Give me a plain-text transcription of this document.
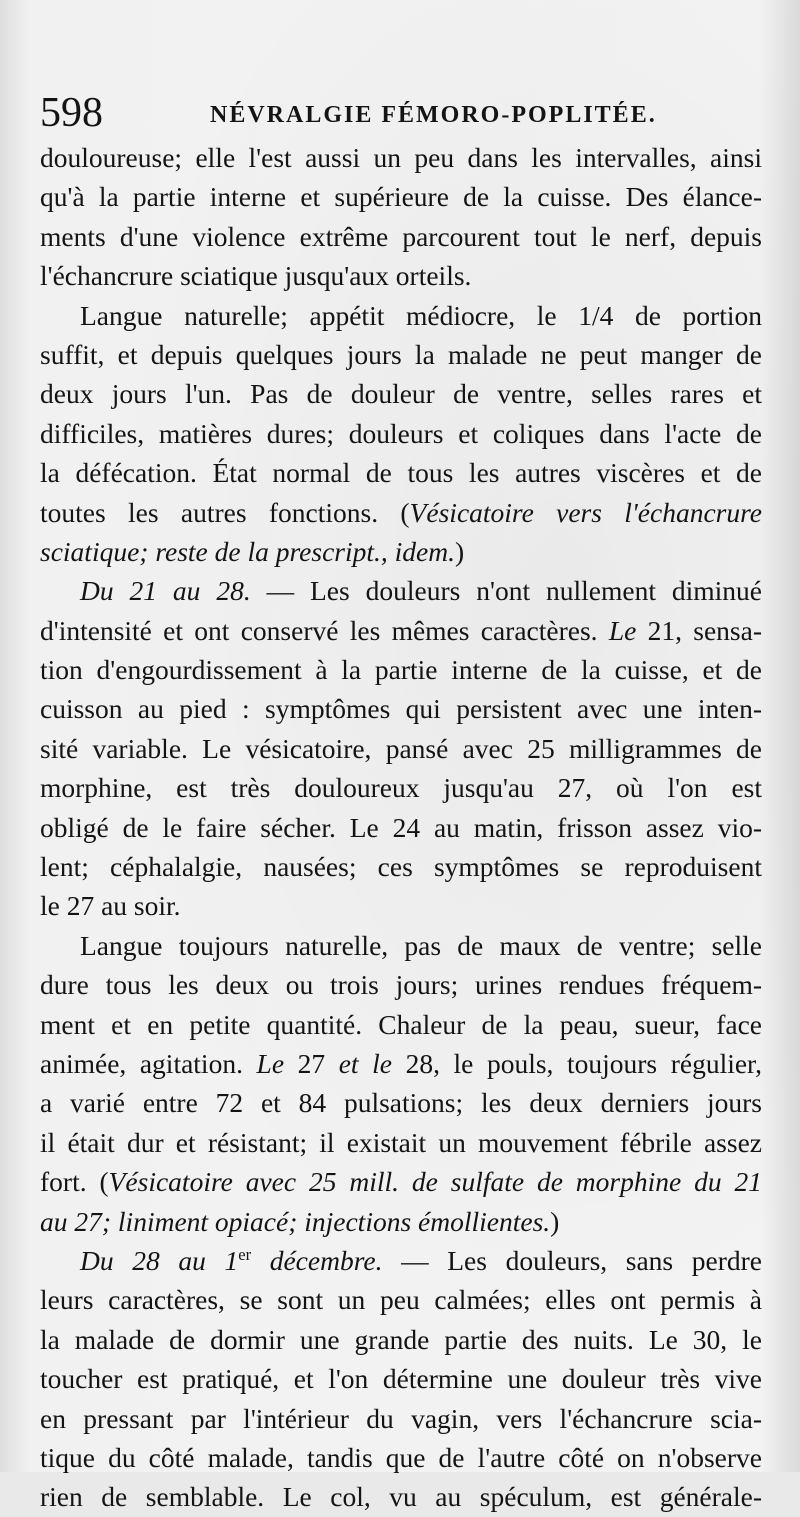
598	NÉVRALGIE FÉMORO-POPLITÉE.
douloureuse; elle l'est aussi un peu dans les intervalles, ainsi
qu'à la partie interne et supérieure de la cuisse. Des élance-
ments d'une violence extrême parcourent tout le nerf, depuis
l'échancrure sciatique jusqu'aux orteils.
Langue naturelle; appétit médiocre, le 1/4 de portion
suffit, et depuis quelques jours la malade ne peut manger de
deux jours l'un. Pas de douleur de ventre, selles rares et
difficiles, matières dures; douleurs et coliques dans l'acte de
la défécation. État normal de tous les autres viscères et de
toutes les autres fonctions. (Vésicatoire vers l'échancrure
sciatique; reste de la prescript., idem.)
Du 21 au 28. — Les douleurs n'ont nullement diminué
d'intensité et ont conservé les mêmes caractères. Le 21, sensa-
tion d'engourdissement à la partie interne de la cuisse, et de
cuisson au pied : symptômes qui persistent avec une inten-
sité variable. Le vésicatoire, pansé avec 25 milligrammes de
morphine, est très douloureux jusqu'au 27, où l'on est
obligé de le faire sécher. Le 24 au matin, frisson assez vio-
lent; céphalalgie, nausées; ces symptômes se reproduisent
le 27 au soir.
Langue toujours naturelle, pas de maux de ventre; selle
dure tous les deux ou trois jours; urines rendues fréquem-
ment et en petite quantité. Chaleur de la peau, sueur, face
animée, agitation. Le 27 et le 28, le pouls, toujours régulier,
a varié entre 72 et 84 pulsations; les deux derniers jours
il était dur et résistant; il existait un mouvement fébrile assez
fort. (Vésicatoire avec 25 mill. de sulfate de morphine du 21
au 27; liniment opiacé; injections émollientes.)
Du 28 au 1er décembre. — Les douleurs, sans perdre
leurs caractères, se sont un peu calmées; elles ont permis à
la malade de dormir une grande partie des nuits. Le 30, le
toucher est pratiqué, et l'on détermine une douleur très vive
en pressant par l'intérieur du vagin, vers l'échancrure scia-
tique du côté malade, tandis que de l'autre côté on n'observe
rien de semblable. Le col, vu au spéculum, est générale-
